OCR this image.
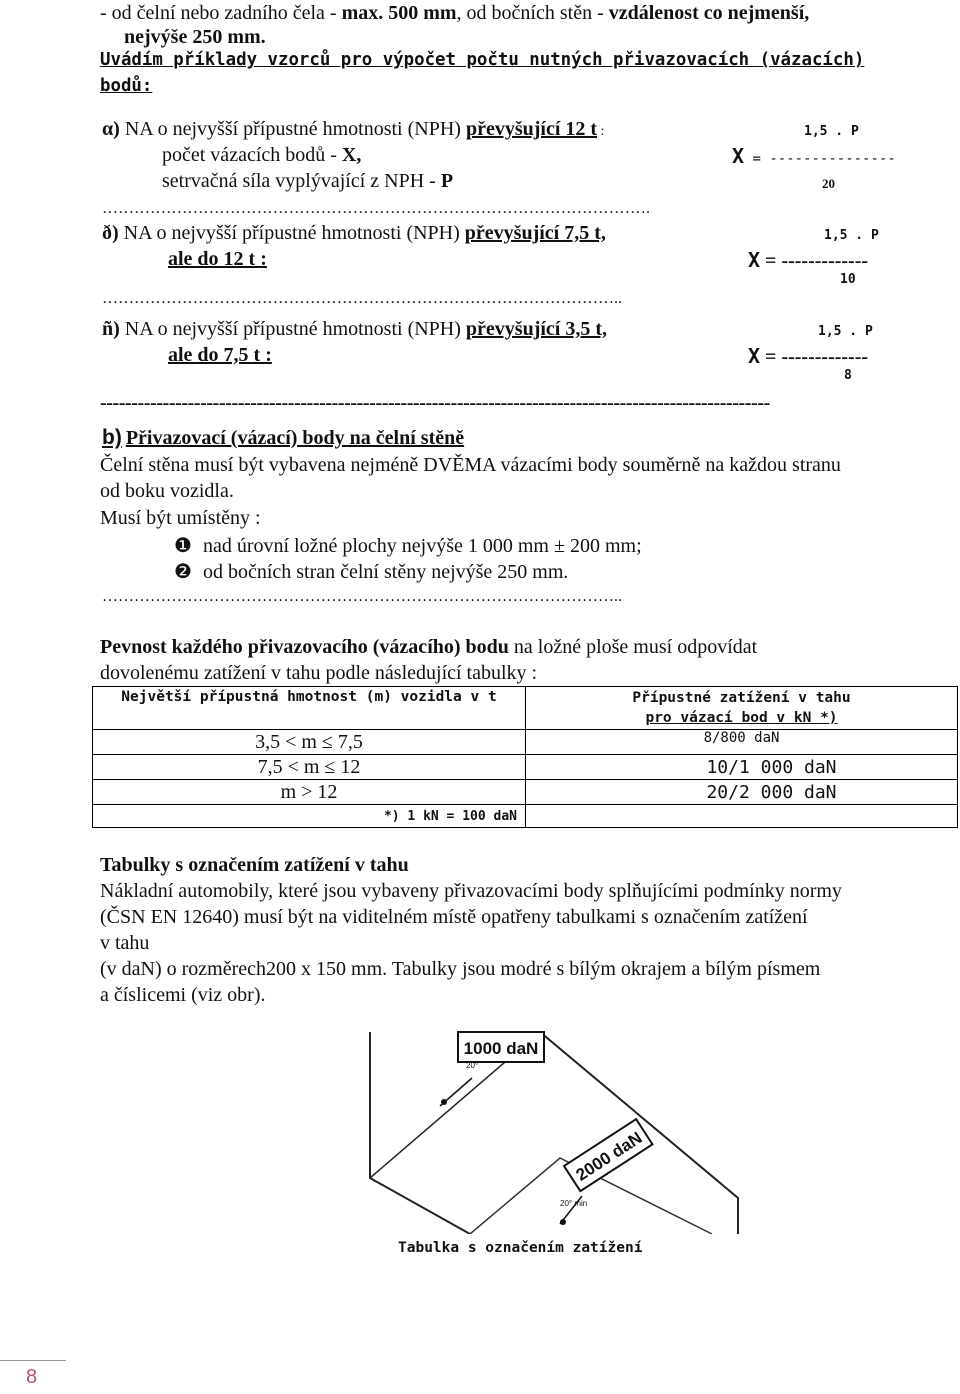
- od čelní nebo zadního čela - max. 500 mm, od bočních stěn - vzdálenost co nejmenší,
nejvýše 250 mm.
Uvádím příklady vzorců pro výpočet počtu nutných přivazovacích (vázacích)
bodů:
α) NA o nejvyšší přípustné hmotnosti (NPH) převyšující 12 t :	1,5 . P
počet vázacích bodů - X,	X = ---------------
setrvačná síla vyplývající z NPH - P	20
………………………………………………………………………………………….
ð) NA o nejvyšší přípustné hmotnosti (NPH) převyšující 7,5 t,	1,5 . P
ale do 12 t :	X = -------------
10
……………………………………………………………………………………..
ñ) NA o nejvyšší přípustné hmotnosti (NPH) převyšující 3,5 t,	1,5 . P
ale do 7,5 t :	X = -------------
8
-----------------------------------------------------------------------------------------------------------
b) Přivazovací (vázací) body na čelní stěně
Čelní stěna musí být vybavena nejméně DVĚMA vázacími body souměrně na každou stranu
od boku vozidla.
Musí být umístěny :
❶ nad úrovní ložné plochy nejvýše 1 000 mm ± 200 mm;
❷ od bočních stran čelní stěny nejvýše 250 mm.
……………………………………………………………………………………..
Pevnost každého přivazovacího (vázacího) bodu na ložné ploše musí odpovídat
dovolenému zatížení v tahu podle následující tabulky :
Největší přípustná hmotnost (m) vozidla v t	Přípustné zatížení v tahu
pro vázací bod v kN *)

3,5 < m ≤ 7,5	8/800 daN
7,5 < m ≤ 12	10/1 000 daN
m > 12	20/2 000 daN
*) 1 kN = 100 daN	
Tabulky s označením zatížení v tahu
Nákladní automobily, které jsou vybaveny přivazovacími body splňujícími podmínky normy
(ČSN EN 12640) musí být na viditelném místě opatřeny tabulkami s označením zatížení
v tahu
(v daN) o rozměrech200 x 150 mm. Tabulky jsou modré s bílým okrajem a bílým písmem
a číslicemi (viz obr).
1000 daN
2000 daN
20°
20° min
Tabulka s označením zatížení
8
